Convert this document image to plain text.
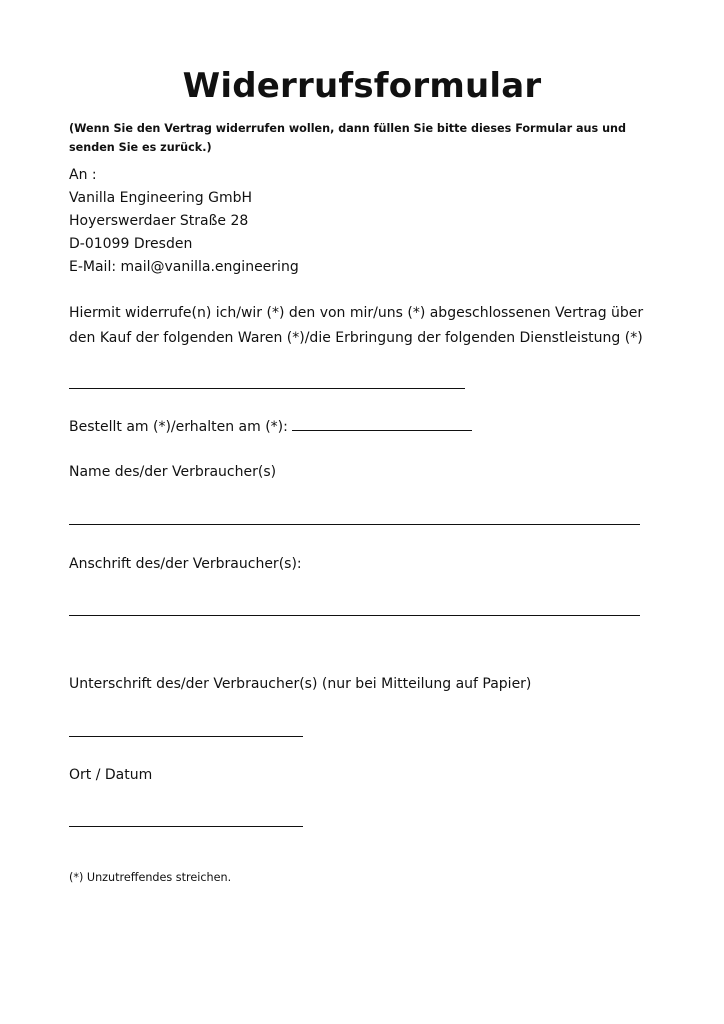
Widerrufsformular

(Wenn Sie den Vertrag widerrufen wollen, dann füllen Sie bitte dieses Formular aus und senden Sie es zurück.)

An :

Vanilla Engineering GmbH

Hoyerswerdaer Straße 28

D-01099 Dresden

E-Mail: mail@vanilla.engineering

Hiermit widerrufe(n) ich/wir (*) den von mir/uns (*) abgeschlossenen Vertrag über
den Kauf der folgenden Waren (*)/die Erbringung der folgenden Dienstleistung (*)

Bestellt am (*)/erhalten am (*):

Name des/der Verbraucher(s)

Anschrift des/der Verbraucher(s):

Unterschrift des/der Verbraucher(s) (nur bei Mitteilung auf Papier)

Ort / Datum

(*) Unzutreffendes streichen.
